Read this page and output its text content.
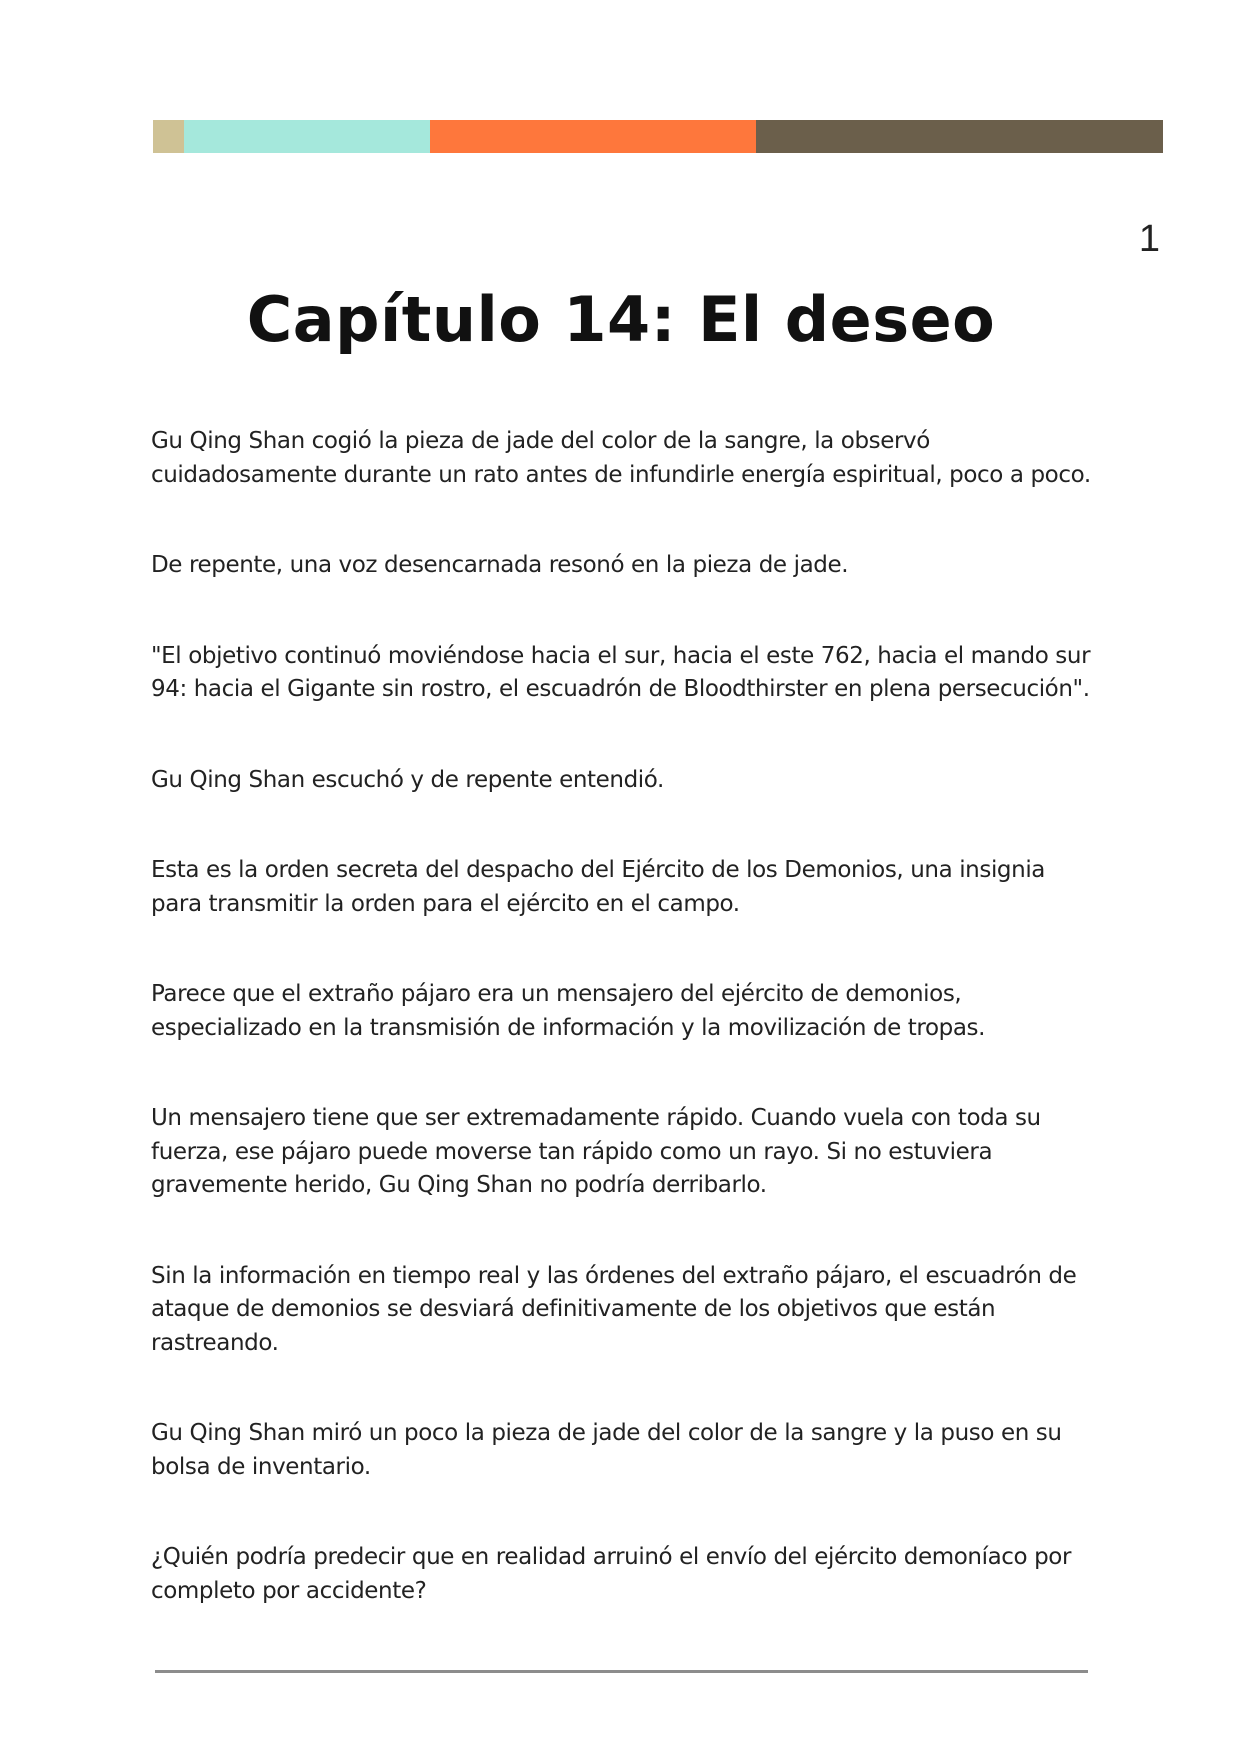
1
Capítulo 14: El deseo

Gu Qing Shan cogió la pieza de jade del color de la sangre, la observó cuidadosamente durante un rato antes de infundirle energía espiritual, poco a poco.

De repente, una voz desencarnada resonó en la pieza de jade.

"El objetivo continuó moviéndose hacia el sur, hacia el este 762, hacia el mando sur 94: hacia el Gigante sin rostro, el escuadrón de Bloodthirster en plena persecución".

Gu Qing Shan escuchó y de repente entendió.

Esta es la orden secreta del despacho del Ejército de los Demonios, una insignia para transmitir la orden para el ejército en el campo.

Parece que el extraño pájaro era un mensajero del ejército de demonios, especializado en la transmisión de información y la movilización de tropas.

Un mensajero tiene que ser extremadamente rápido. Cuando vuela con toda su fuerza, ese pájaro puede moverse tan rápido como un rayo. Si no estuviera gravemente herido, Gu Qing Shan no podría derribarlo.

Sin la información en tiempo real y las órdenes del extraño pájaro, el escuadrón de ataque de demonios se desviará definitivamente de los objetivos que están rastreando.

Gu Qing Shan miró un poco la pieza de jade del color de la sangre y la puso en su bolsa de inventario.

¿Quién podría predecir que en realidad arruinó el envío del ejército demoníaco por completo por accidente?
